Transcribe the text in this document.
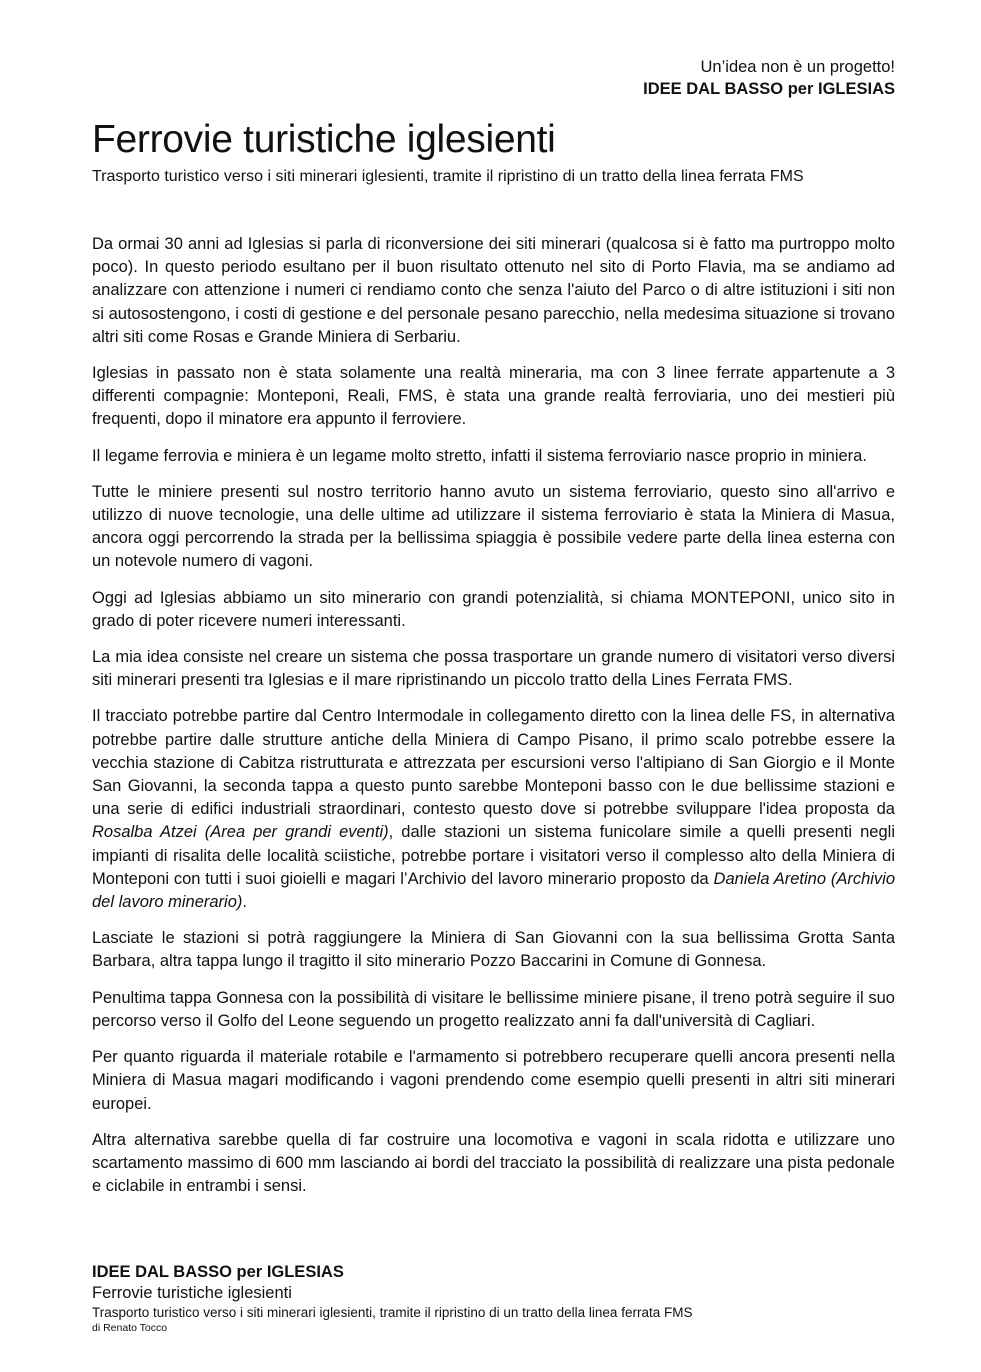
Un’idea non è un progetto!
IDEE DAL BASSO per IGLESIAS
Ferrovie turistiche iglesienti
Trasporto turistico verso i siti minerari iglesienti, tramite il ripristino di un tratto della linea ferrata FMS

Da ormai 30 anni ad Iglesias si parla di riconversione dei siti minerari (qualcosa si è fatto ma purtroppo molto poco). In questo periodo esultano per il buon risultato ottenuto nel sito di Porto Flavia, ma se andiamo ad analizzare con attenzione i numeri ci rendiamo conto che senza l'aiuto del Parco o di altre istituzioni i siti non si autosostengono, i costi di gestione e del personale pesano parecchio, nella medesima situazione si trovano altri siti come Rosas e Grande Miniera di Serbariu.

Iglesias in passato non è stata solamente una realtà mineraria, ma con 3 linee ferrate appartenute a 3 differenti compagnie: Monteponi, Reali, FMS, è stata una grande realtà ferroviaria, uno dei mestieri più frequenti, dopo il minatore era appunto il ferroviere.

Il legame ferrovia e miniera è un legame molto stretto, infatti il sistema ferroviario nasce proprio in miniera.

Tutte le miniere presenti sul nostro territorio hanno avuto un sistema ferroviario, questo sino all'arrivo e utilizzo di nuove tecnologie, una delle ultime ad utilizzare il sistema ferroviario è stata la Miniera di Masua, ancora oggi percorrendo la strada per la bellissima spiaggia è possibile vedere parte della linea esterna con un notevole numero di vagoni.

Oggi ad Iglesias abbiamo un sito minerario con grandi potenzialità, si chiama MONTEPONI, unico sito in grado di poter ricevere numeri interessanti.

La mia idea consiste nel creare un sistema che possa trasportare un grande numero di visitatori verso diversi siti minerari presenti tra Iglesias e il mare ripristinando un piccolo tratto della Lines Ferrata FMS.

Il tracciato potrebbe partire dal Centro Intermodale in collegamento diretto con la linea delle FS, in alternativa potrebbe partire dalle strutture antiche della Miniera di Campo Pisano, il primo scalo potrebbe essere la vecchia stazione di Cabitza ristrutturata e attrezzata per escursioni verso l'altipiano di San Giorgio e il Monte San Giovanni, la seconda tappa a questo punto sarebbe Monteponi basso con le due bellissime stazioni e una serie di edifici industriali straordinari, contesto questo dove si potrebbe sviluppare l'idea proposta da Rosalba Atzei (Area per grandi eventi), dalle stazioni un sistema funicolare simile a quelli presenti negli impianti di risalita delle località sciistiche, potrebbe portare i visitatori verso il complesso alto della Miniera di Monteponi con tutti i suoi gioielli e magari l’Archivio del lavoro minerario proposto da Daniela Aretino (Archivio del lavoro minerario).

Lasciate le stazioni si potrà raggiungere la Miniera di San Giovanni con la sua bellissima Grotta Santa Barbara, altra tappa lungo il tragitto il sito minerario Pozzo Baccarini in Comune di Gonnesa.

Penultima tappa Gonnesa con la possibilità di visitare le bellissime miniere pisane, il treno potrà seguire il suo percorso verso il Golfo del Leone seguendo un progetto realizzato anni fa dall'università di Cagliari.

Per quanto riguarda il materiale rotabile e l'armamento si potrebbero recuperare quelli ancora presenti nella Miniera di Masua magari modificando i vagoni prendendo come esempio quelli presenti in altri siti minerari europei.

Altra alternativa sarebbe quella di far costruire una locomotiva e vagoni in scala ridotta e utilizzare uno scartamento massimo di 600 mm lasciando ai bordi del tracciato la possibilità di realizzare una pista pedonale e ciclabile in entrambi i sensi.

IDEE DAL BASSO per IGLESIAS
Ferrovie turistiche iglesienti
Trasporto turistico verso i siti minerari iglesienti, tramite il ripristino di un tratto della linea ferrata FMS
di Renato Tocco
